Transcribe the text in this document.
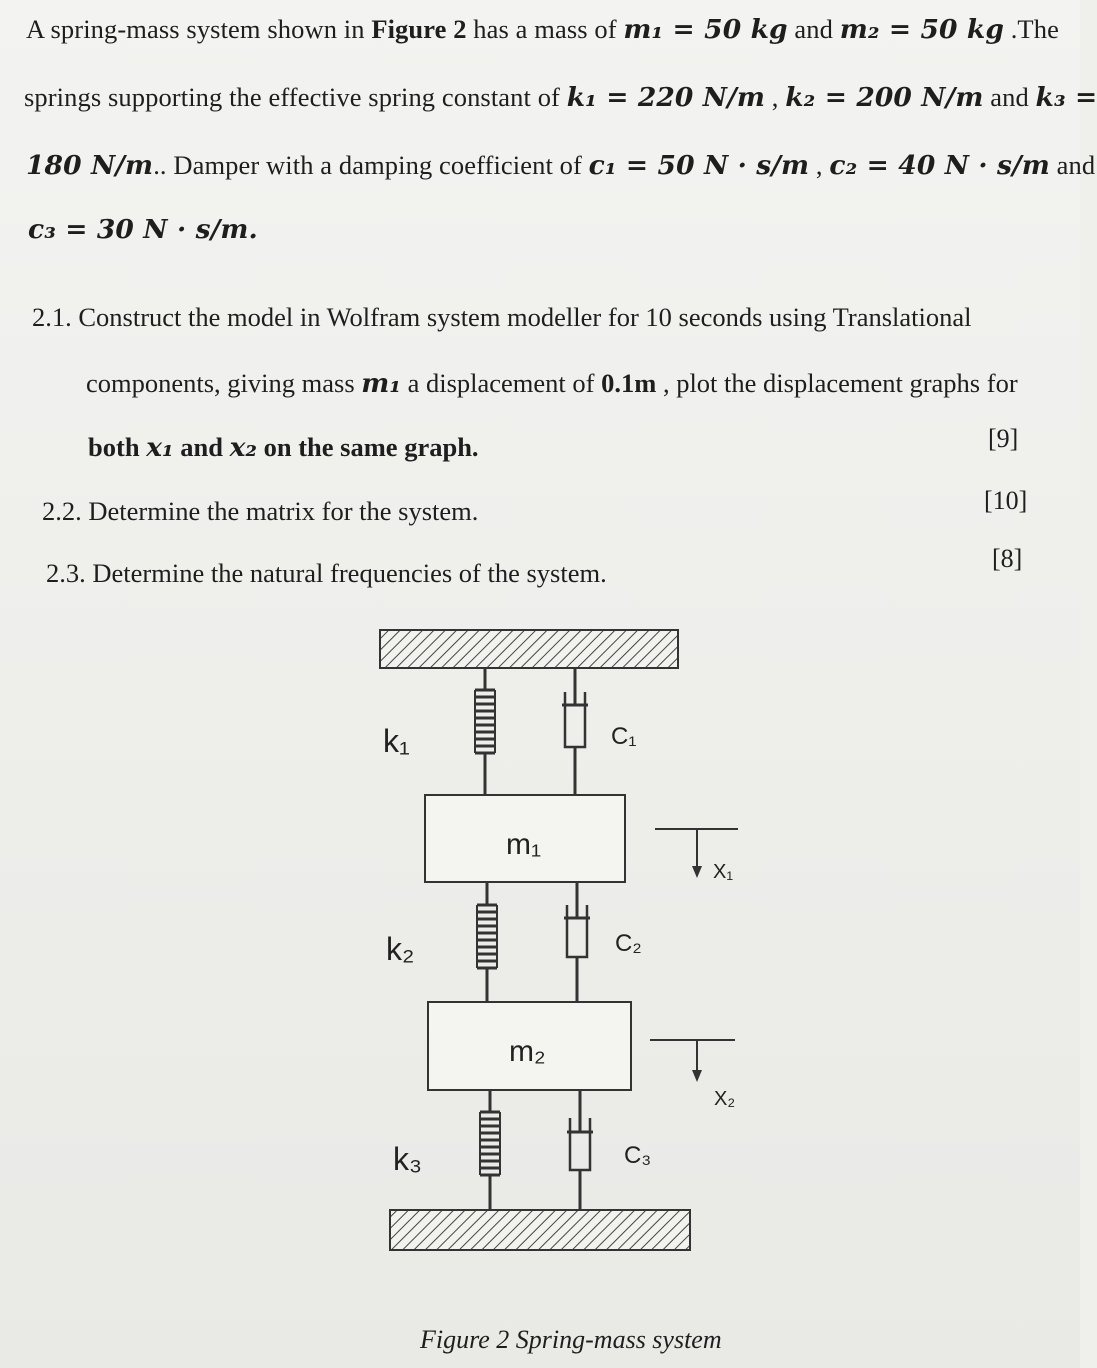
A spring-mass system shown in Figure 2 has a mass of m₁ = 50 kg and m₂ = 50 kg .The
springs supporting the effective spring constant of k₁ = 220 N/m , k₂ = 200 N/m and k₃ =
180 N/m.. Damper with a damping coefficient of c₁ = 50 N · s/m , c₂ = 40 N · s/m and
c₃ = 30 N · s/m.
2.1. Construct the model in Wolfram system modeller for 10 seconds using Translational
components, giving mass m₁ a displacement of 0.1m , plot the displacement graphs for
both x₁ and x₂ on the same graph.	[9]
2.2. Determine the matrix for the system.	[10]
2.3. Determine the natural frequencies of the system.	[8]
k₁
k₂
k₃
C₁
C₂
C₃
m₁
m₂
X₁
X₂
Figure 2 Spring-mass system
